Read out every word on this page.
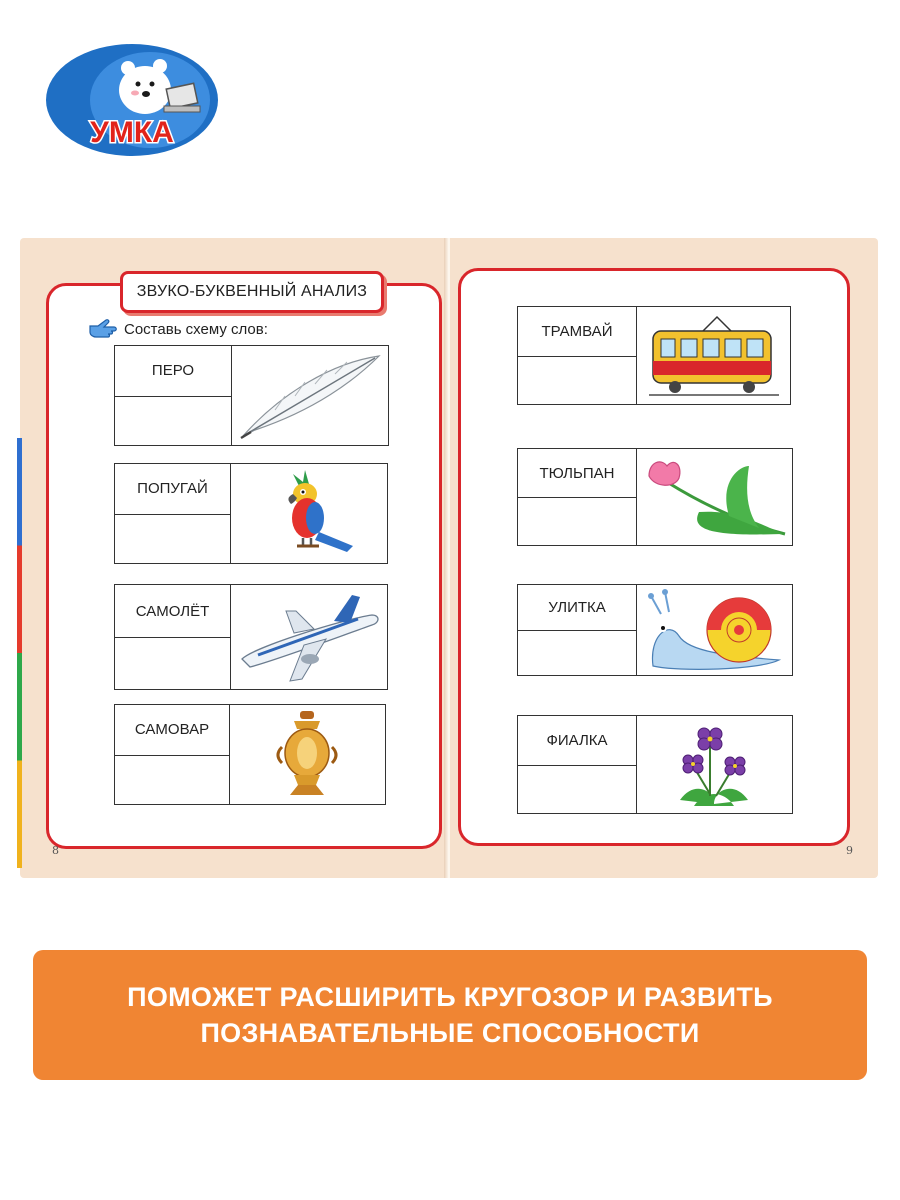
УМКА
ЗВУКО-БУКВЕННЫЙ АНАЛИЗ
Составь схему слов:
ПЕРО
ПОПУГАЙ
САМОЛЁТ
САМОВАР
8
ТРАМВАЙ
ТЮЛЬПАН
УЛИТКА
ФИАЛКА
9
ПОМОЖЕТ РАСШИРИТЬ КРУГОЗОР И РАЗВИТЬ
ПОЗНАВАТЕЛЬНЫЕ СПОСОБНОСТИ
